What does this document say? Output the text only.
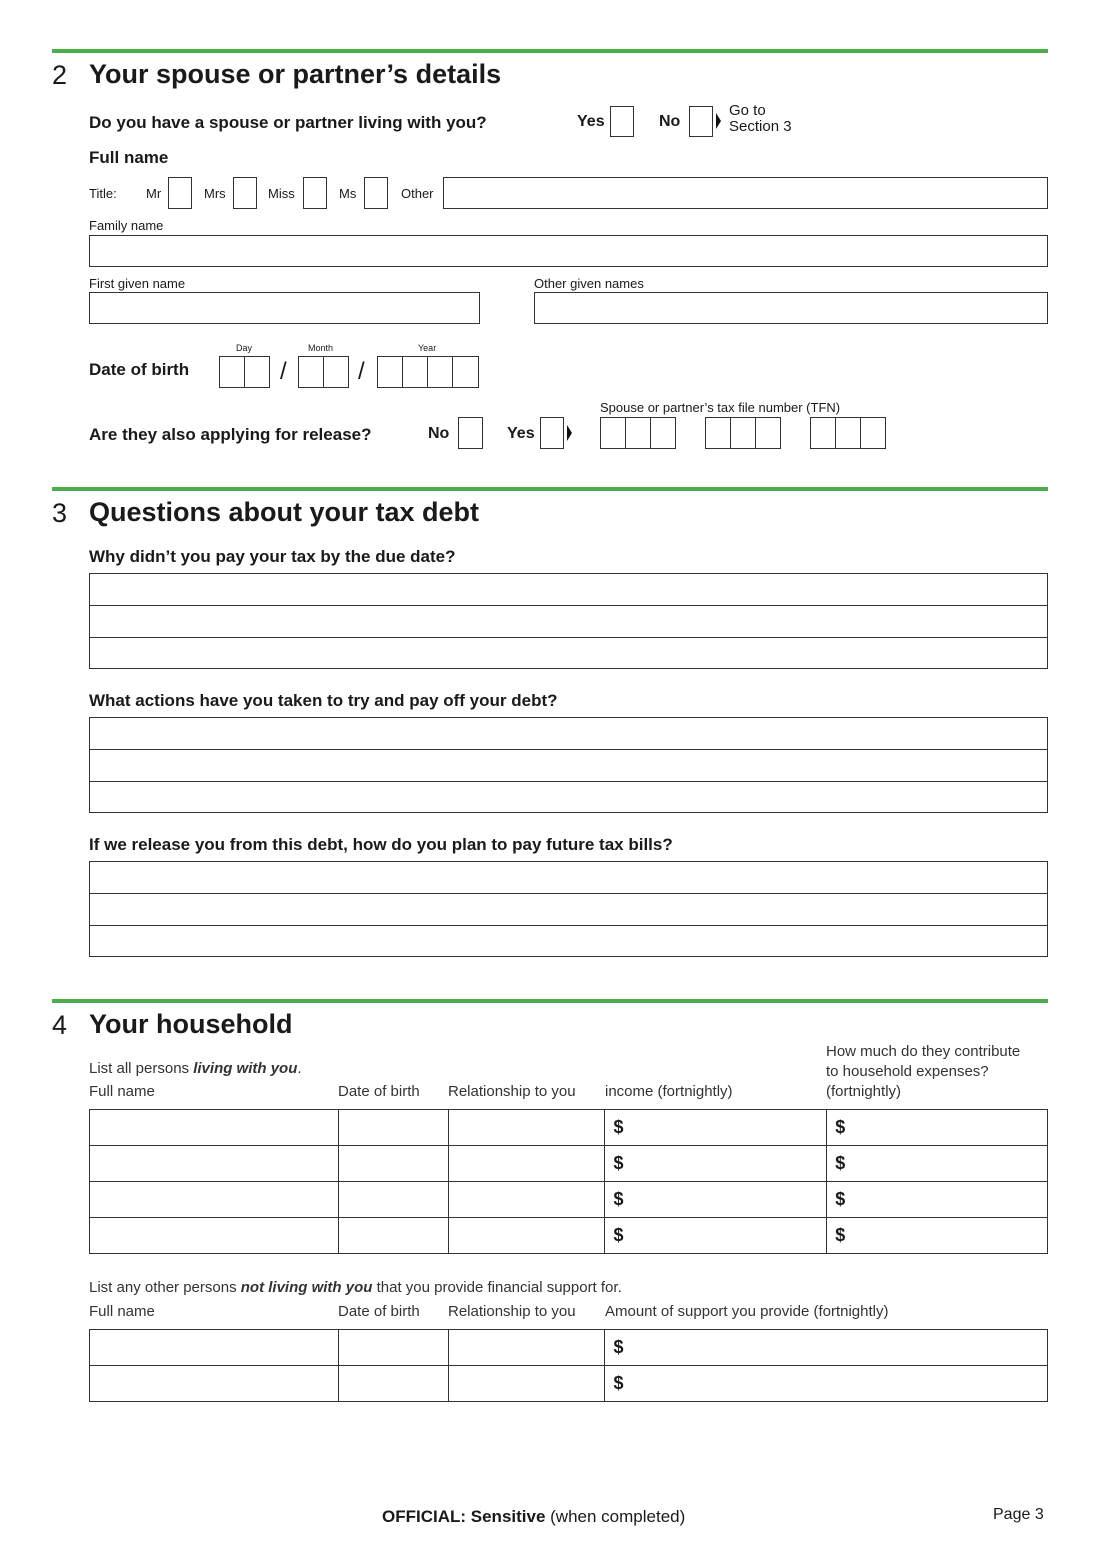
2 Your spouse or partner’s details
Do you have a spouse or partner living with you?	Yes	No
Go to
Section 3
Full name
Title: Mr	Mrs	Miss	Ms	Other
Family name
First given name	Other given names
Date of birth
Day
/
Month
/
Year
Are they also applying for release?	No	Yes
Spouse or partner’s tax file number (TFN)
3 Questions about your tax debt
Why didn’t you pay your tax by the due date?
What actions have you taken to try and pay off your debt?
If we release you from this debt, how do you plan to pay future tax bills?
4 Your household
List all persons living with you.
Full name	Date of birth Relationship to you income (fortnightly)
How much do they contribute
to household expenses?
(fortnightly)
			$	$
			$	$
			$	$
			$	$
List any other persons not living with you that you provide financial support for.
Full name	Date of birth Relationship to you Amount of support you provide (fortnightly)
			$
			$
OFFICIAL: Sensitive (when completed)	Page 3
